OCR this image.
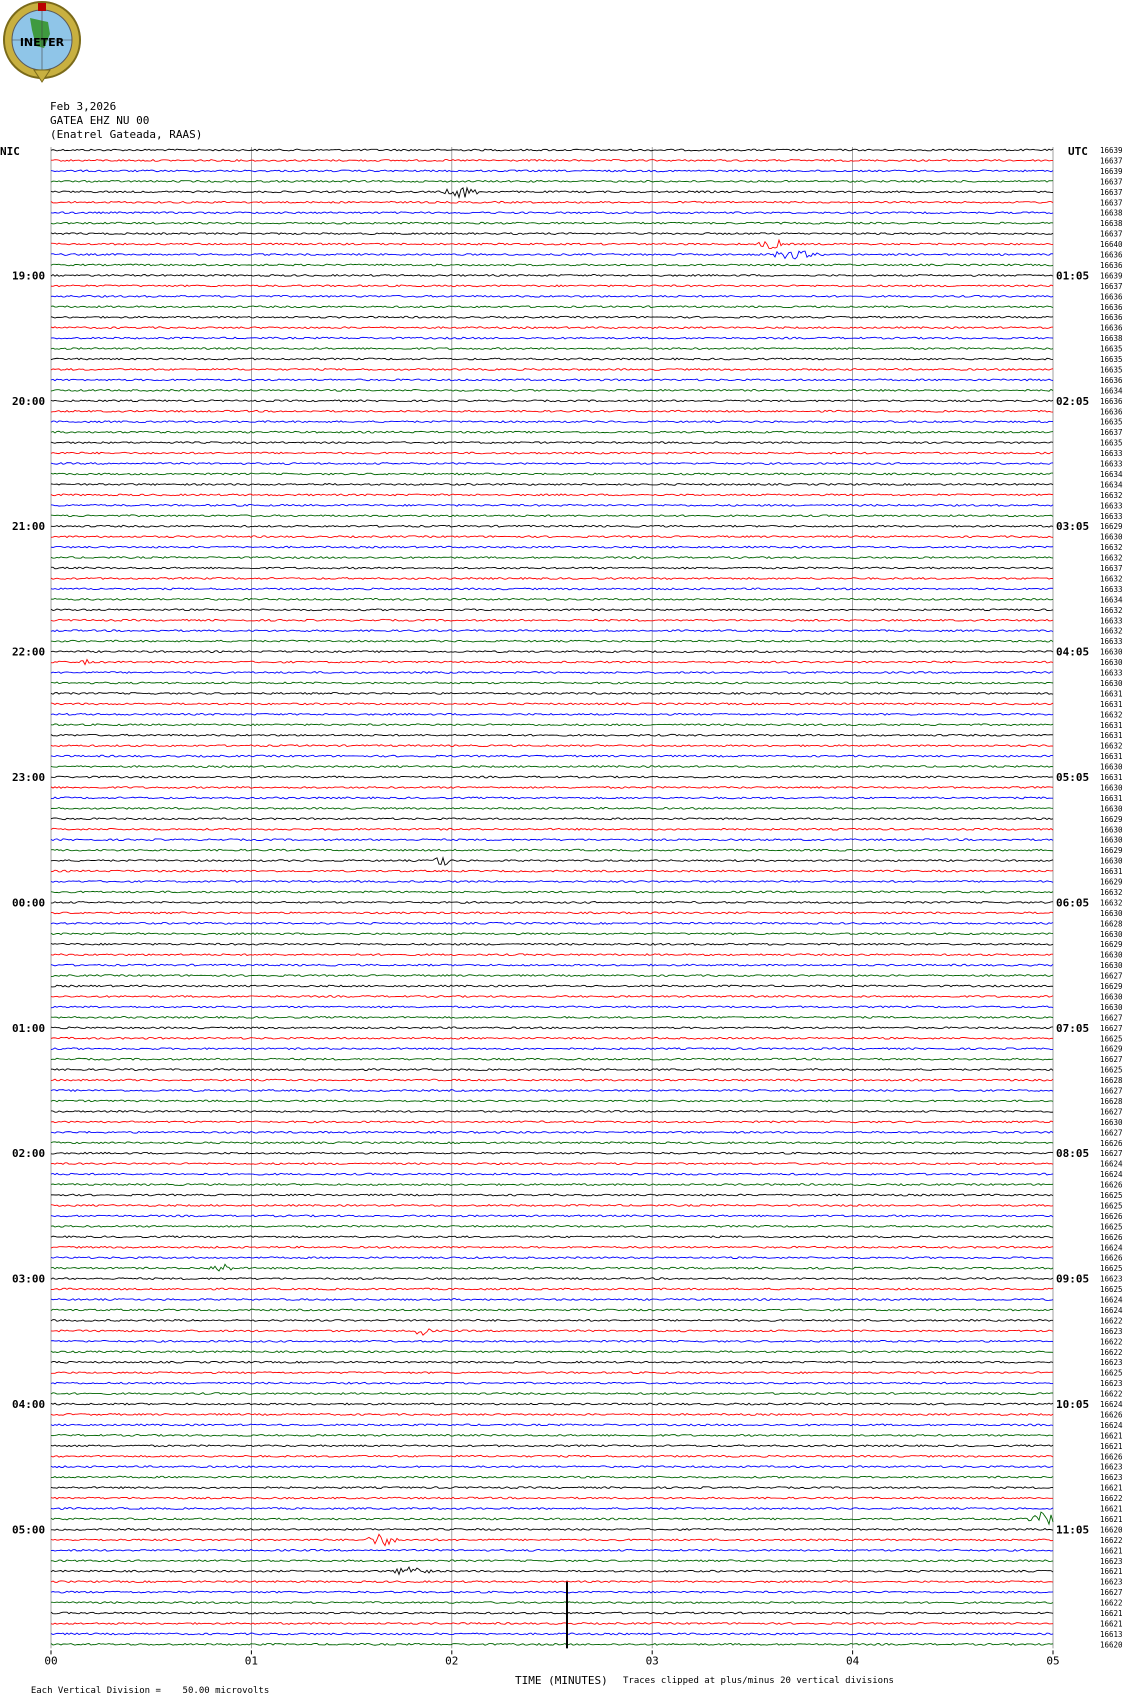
INETER
Feb 3,2026
GATEA EHZ NU 00
(Enatrel Gateada, RAAS)
NIC	UTC 16639
16637
16639
16637
16637
16637
16638
16638
16637
16640
16636
16636
16639
16637
16636
16636
16636
16636
16638
16635
16635
16635
16636
16634
16636
16636
16635
16637
16635
16633
16633
16634
16634
16632
16633
16633
16629
16630
16632
16632
16637
16632
16633
16634
16632
16633
16632
16633
16630
16630
16633
16630
16631
16631
16632
16631
16631
16632
16631
16630
16631
16630
16631
16630
16629
16630
16630
16629
16630
16631
16629
16632
16632
16630
16628
16630
16629
16630
16630
16627
16629
16630
16630
16627
16627
16625
16629
16627
16625
16628
16627
16628
16627
16630
16627
16626
16627
16624
16624
16626
16625
16625
16626
16625
16626
16624
16626
16625
16623
16625
16624
16624
16622
16623
16622
16622
16623
16625
16623
16622
16624
16626
16624
16621
16621
16626
16623
16623
16621
16622
16621
16621
16620
16622
16621
16623
16621
16623
16627
16622
16621
16621
16613
16620
19:00	01:05
20:00	02:05
21:00	03:05
22:00	04:05
23:00	05:05
00:00	06:05
01:00	07:05
02:00	08:05
03:00	09:05
04:00	10:05
05:00	11:05
00	01	02	03	04	05

Each Vertical Division =    50.00 microvolts

TIME (MINUTES) Traces clipped at plus/minus 20 vertical divisions
